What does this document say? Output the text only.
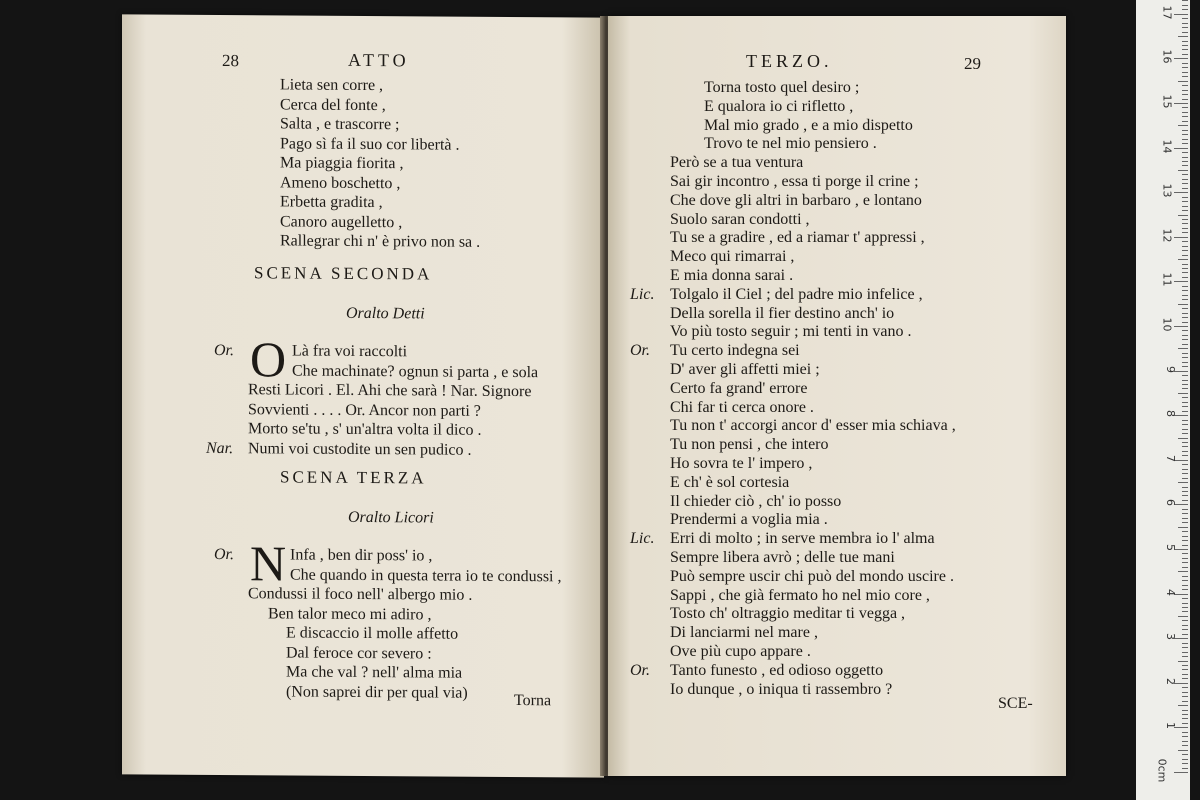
28	ATTO
Lieta sen corre ,
Cerca del fonte ,
Salta , e trascorre ;
Pago sì fa il suo cor libertà .
Ma piaggia fiorita ,
Ameno boschetto ,
Erbetta gradita ,
Canoro augelletto ,
Rallegrar chi n' è privo non sa .
SCENA SECONDA
Oralto Detti
Or. O Là fra voi raccolti
Che machinate? ognun si parta , e sola
Resti Licori . El. Ahi che sarà ! Nar. Signore
Sovvienti . . . . Or. Ancor non parti ?
Morto se'tu , s' un'altra volta il dico .
Nar. Numi voi custodite un sen pudico .
SCENA TERZA
Oralto Licori
Or. N Infa , ben dir poss' io ,
Che quando in questa terra io te condussi ,
Condussi il foco nell' albergo mio .
Ben talor meco mi adiro ,
E discaccio il molle affetto
Dal feroce cor severo :
Ma che val ? nell' alma mia
(Non saprei dir per qual via)	Torna
TERZO.	29
Torna tosto quel desiro ;
E qualora io ci rifletto ,
Mal mio grado , e a mio dispetto
Trovo te nel mio pensiero .
Però se a tua ventura
Sai gir incontro , essa ti porge il crine ;
Che dove gli altri in barbaro , e lontano
Suolo saran condotti ,
Tu se a gradire , ed a riamar t' appressi ,
Meco qui rimarrai ,
E mia donna sarai .
Lic. Tolgalo il Ciel ; del padre mio infelice ,
Della sorella il fier destino anch' io
Vo più tosto seguir ; mi tenti in vano .
Or. Tu certo indegna sei
D' aver gli affetti miei ;
Certo fa grand' errore
Chi far ti cerca onore .
Tu non t' accorgi ancor d' esser mia schiava ,
Tu non pensi , che intero
Ho sovra te l' impero ,
E ch' è sol cortesia
Il chieder ciò , ch' io posso
Prendermi a voglia mia .
Lic. Erri di molto ; in serve membra io l' alma
Sempre libera avrò ; delle tue mani
Può sempre uscir chi può del mondo uscire .
Sappi , che già fermato ho nel mio core ,
Tosto ch' oltraggio meditar ti vegga ,
Di lanciarmi nel mare ,
Ove più cupo appare .
Or. Tanto funesto , ed odioso oggetto
Io dunque , o iniqua ti rassembro ?
SCE-
0cm
1
2
3
4
5
6
7
8
9
10
11
12
13
14
15
16
17
